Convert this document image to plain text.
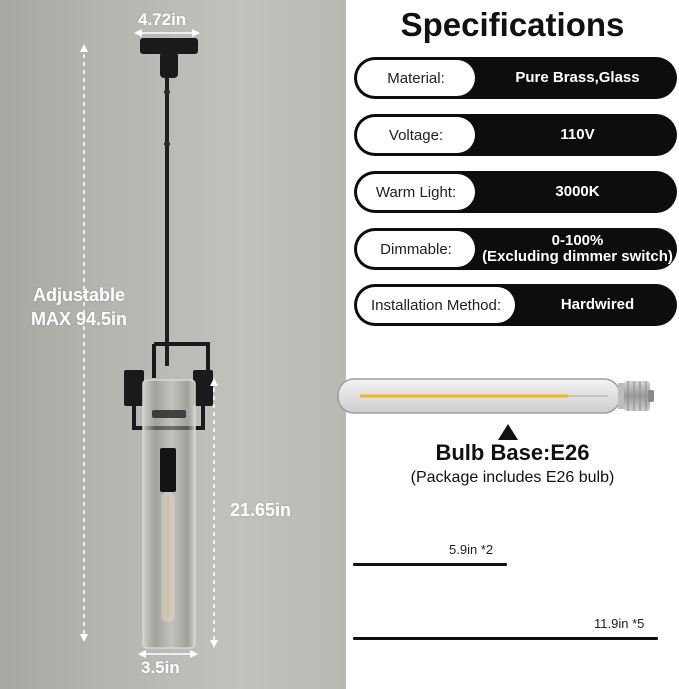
4.72in
Adjustable
MAX 94.5in
21.65in
3.5in
Specifications
Material:	Pure Brass,Glass
Voltage:	110V
Warm Light:	3000K
Dimmable:	0-100%
(Excluding dimmer switch)
Installation Method:	Hardwired
Bulb Base:E26
(Package includes E26 bulb)
5.9in *2
11.9in *5
